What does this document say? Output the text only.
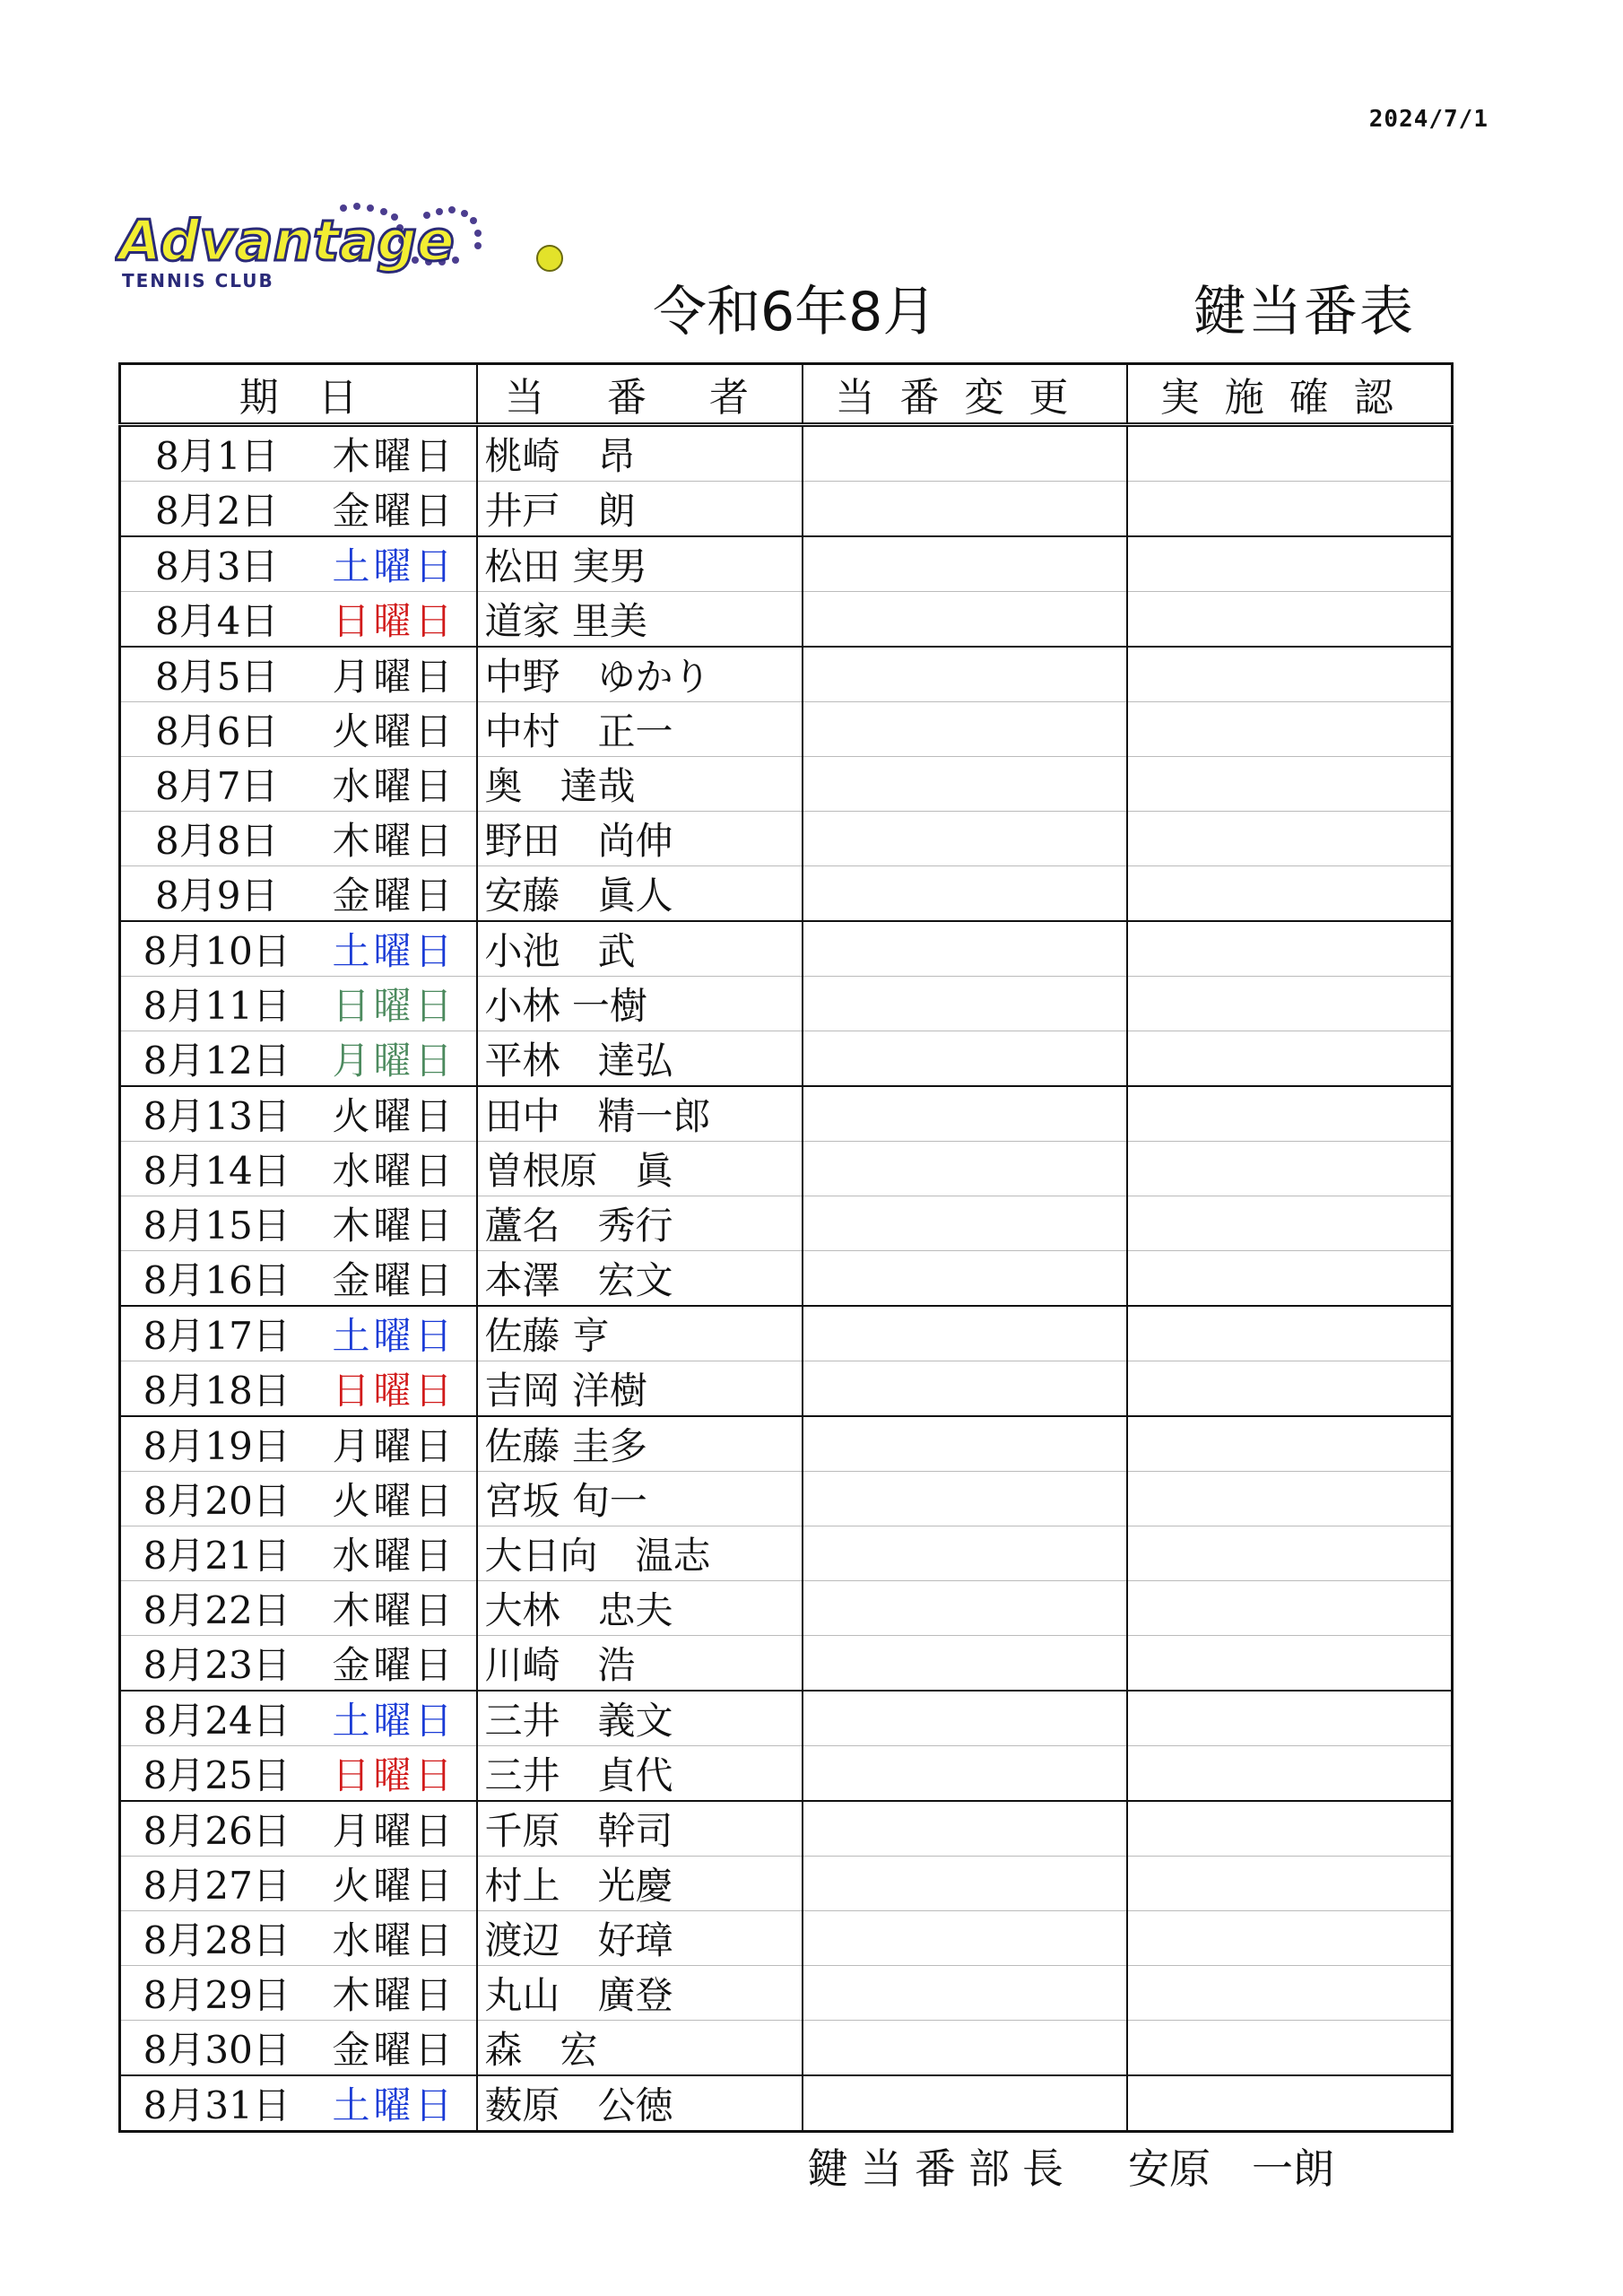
2024/7/1
Advantage
TENNIS CLUB	令和6年8月	鍵当番表
期　日		当 番 者	当番変更	実施確認
8月1日	木曜日	桃崎　昂		
8月2日	金曜日	井戸　朗		
8月3日	土曜日	松田 実男		
8月4日	日曜日	道家 里美		
8月5日	月曜日	中野　ゆかり		
8月6日	火曜日	中村　正一		
8月7日	水曜日	奥　達哉		
8月8日	木曜日	野田　尚伸		
8月9日	金曜日	安藤　眞人		
8月10日	土曜日	小池　武		
8月11日	日曜日	小林 一樹		
8月12日	月曜日	平林　達弘		
8月13日	火曜日	田中　精一郎		
8月14日	水曜日	曽根原　眞		
8月15日	木曜日	蘆名　秀行		
8月16日	金曜日	本澤　宏文		
8月17日	土曜日	佐藤 亨		
8月18日	日曜日	吉岡 洋樹		
8月19日	月曜日	佐藤 圭多		
8月20日	火曜日	宮坂 旬一		
8月21日	水曜日	大日向　温志		
8月22日	木曜日	大林　忠夫		
8月23日	金曜日	川崎　浩		
8月24日	土曜日	三井　義文		
8月25日	日曜日	三井　貞代		
8月26日	月曜日	千原　幹司		
8月27日	火曜日	村上　光慶		
8月28日	水曜日	渡辺　好璋		
8月29日	木曜日	丸山　廣登		
8月30日	金曜日	森　宏		
8月31日	土曜日	薮原　公徳		
鍵当番部長 安原　一朗
